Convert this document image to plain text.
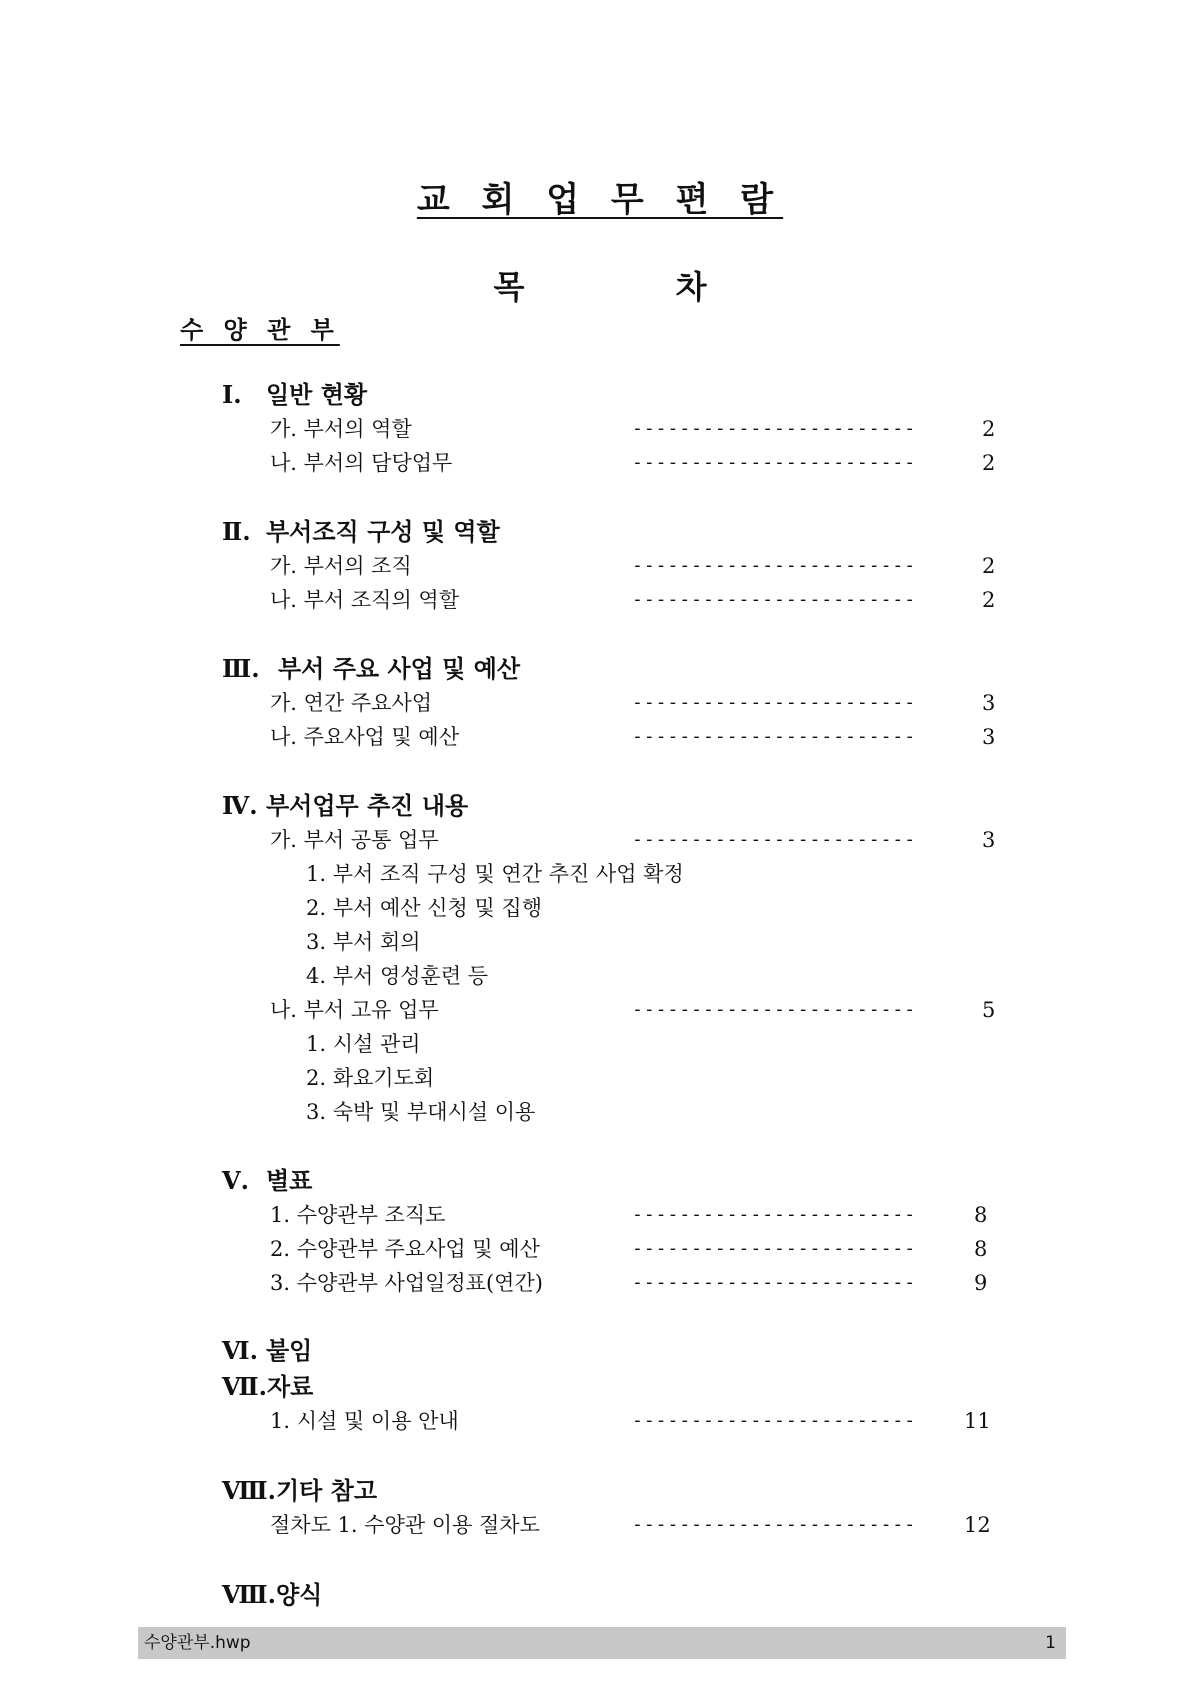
교 회 업 무 편 람
목 차
수 양 관 부
Ⅰ. 일반 현황
가. 부서의 역할	------------------------	2
나. 부서의 담당업무	------------------------	2
Ⅱ. 부서조직 구성 및 역할
가. 부서의 조직	------------------------	2
나. 부서 조직의 역할	------------------------	2
Ⅲ. 부서 주요 사업 및 예산
가. 연간 주요사업	------------------------	3
나. 주요사업 및 예산	------------------------	3
Ⅳ. 부서업무 추진 내용
가. 부서 공통 업무	------------------------	3
1. 부서 조직 구성 및 연간 추진 사업 확정
2. 부서 예산 신청 및 집행
3. 부서 회의
4. 부서 영성훈련 등
나. 부서 고유 업무	------------------------	5
1. 시설 관리
2. 화요기도회
3. 숙박 및 부대시설 이용
Ⅴ. 별표
1. 수양관부 조직도	------------------------	8
2. 수양관부 주요사업 및 예산	------------------------	8
3. 수양관부 사업일정표(연간)	------------------------	9
Ⅵ. 붙임
Ⅶ.자료
1. 시설 및 이용 안내	------------------------ 11
Ⅷ.기타 참고
절차도 1. 수양관 이용 절차도	------------------------ 12
Ⅷ.양식
수양관부.hwp	1
